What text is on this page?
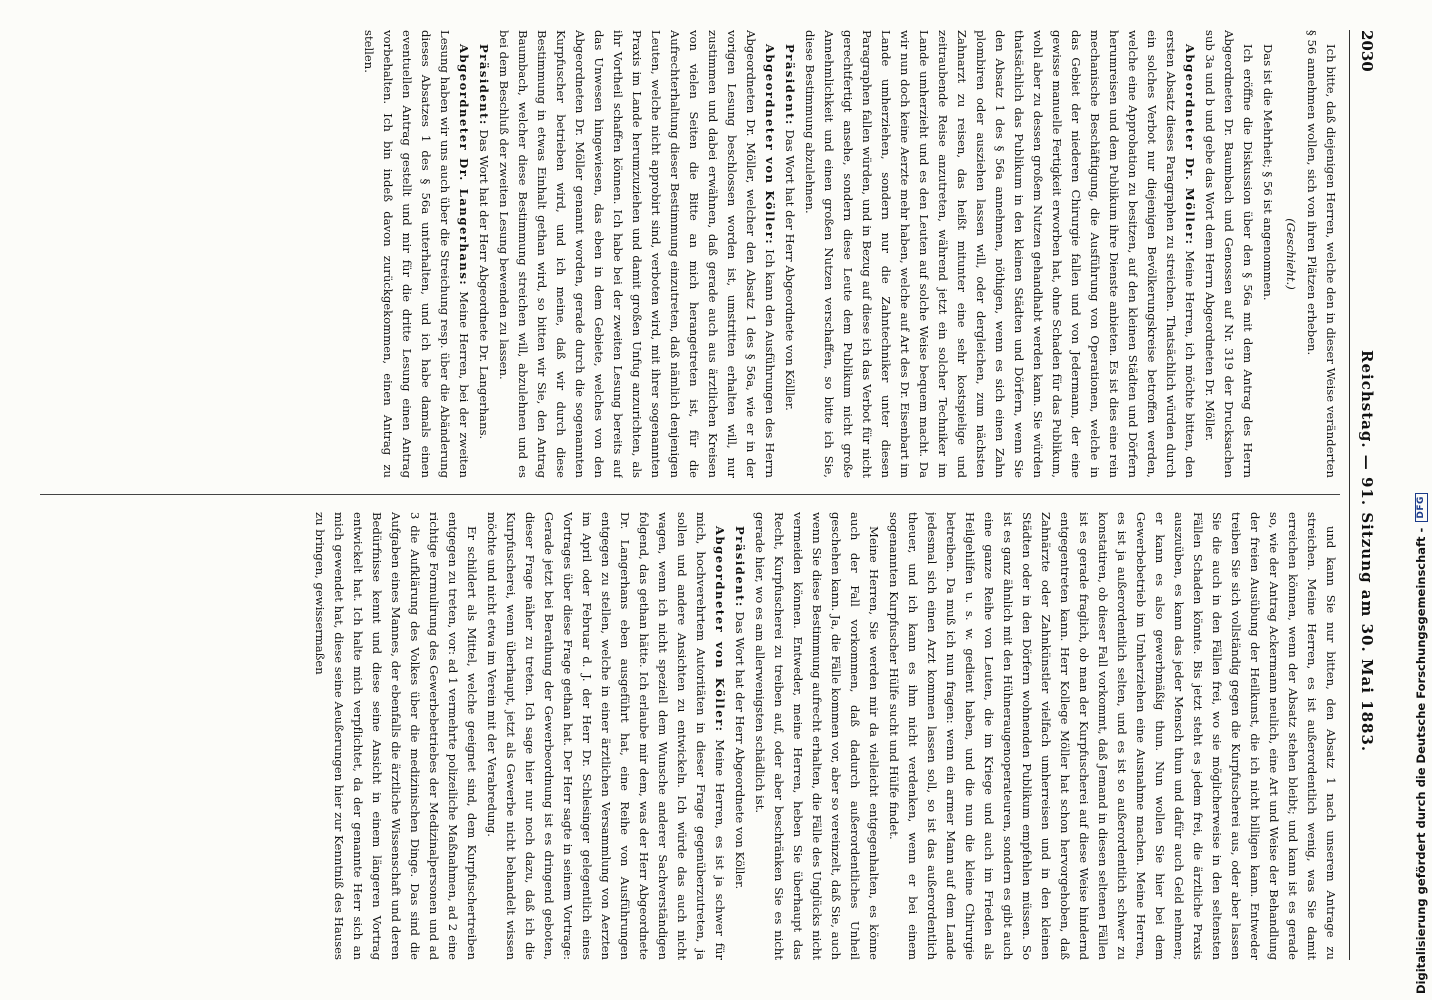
2030
Reichstag. — 91. Sitzung am 30. Mai 1883.

Ich bitte, daß diejenigen Herren, welche den in dieser Weise veränderten § 56 annehmen wollen, sich von ihren Plätzen erheben.

(Geschieht.)

Das ist die Mehrheit; § 56 ist angenommen.

Ich eröffne die Diskussion über den § 56a mit dem Antrag des Herrn Abgeordneten Dr. Baumbach und Genossen auf Nr. 319 der Drucksachen sub 3a und b und gebe das Wort dem Herrn Abgeordneten Dr. Möller.

Abgeordneter Dr. Möller: Meine Herren, ich möchte bitten, den ersten Absatz dieses Paragraphen zu streichen. Thatsächlich würden durch ein solches Verbot nur diejenigen Bevölkerungskreise betroffen werden, welche eine Approbation zu besitzen, auf den kleinen Städten und Dörfern herumreisen und dem Publikum ihre Dienste anbieten. Es ist dies eine rein mechanische Beschäftigung, die Ausführung von Operationen, welche in das Gebiet der niederen Chirurgie fallen und von Jedermann, der eine gewisse manuelle Fertigkeit erworben hat, ohne Schaden für das Publikum, wohl aber zu dessen großem Nutzen gehandhabt werden kann. Sie würden thatsächlich das Publikum in den kleinen Städten und Dörfern, wenn Sie den Absatz 1 des § 56a annehmen, nöthigen, wenn es sich einen Zahn plombiren oder ausziehen lassen will, oder dergleichen, zum nächsten Zahnarzt zu reisen, das heißt mitunter eine sehr kostspielige und zeitraubende Reise anzutreten, während jetzt ein solcher Techniker im Lande umherzieht und es den Leuten auf solche Weise bequem macht. Da wir nun doch keine Aerzte mehr haben, welche auf Art des Dr. Eisenbart im Lande umherziehen, sondern nur die Zahntechniker unter diesen Paragraphen fallen würden, und in Bezug auf diese ich das Verbot für nicht gerechtfertigt ansehe, sondern diese Leute dem Publikum nicht große Annehmlichkeit und einen großen Nutzen verschaffen, so bitte ich Sie, diese Bestimmung abzulehnen.

Präsident: Das Wort hat der Herr Abgeordnete von Kölller.

Abgeordneter von Köller: Ich kann den Ausführungen des Herrn Abgeordneten Dr. Möller, welcher den Absatz 1 des § 56a, wie er in der vorigen Lesung beschlossen worden ist, umstritten erhalten will, nur zustimmen und dabei erwähnen, daß gerade auch aus ärztlichen Kreisen von vielen Seiten die Bitte an mich herangetreten ist, für die Aufrechterhaltung dieser Bestimmung einzutreten, daß nämlich denjenigen Leuten, welche nicht approbirt sind, verboten wird, mit ihrer sogenannten Praxis im Lande herumzuziehen und damit großen Unfug anzurichten, als ihr Vortheil schaffen können. Ich habe bei der zweiten Lesung bereits auf das Unwesen hingewiesen, das eben in dem Gebiete, welches von den Abgeordneten Dr. Möller genannt worden, gerade durch die sogenannten Kurpfuscher betrieben wird, und ich meine, daß wir durch diese Bestimmung in etwas Einhalt gethan wird, so bitten wir Sie, den Antrag Baumbach, welcher diese Bestimmung streichen will, abzulehnen und es bei dem Beschluß der zweiten Lesung bewenden zu lassen.

Präsident: Das Wort hat der Herr Abgeordnete Dr. Langerhans.

Abgeordneter Dr. Langerhans: Meine Herren, bei der zweiten Lesung haben wir uns auch über die Streichung resp. über die Abänderung dieses Absatzes 1 des § 56a unterhalten, und ich habe damals einen eventuellen Antrag gestellt und mir für die dritte Lesung einen Antrag vorbehalten. Ich bin indeß davon zurückgekommen, einen Antrag zu stellen.

und kann Sie nur bitten, den Absatz 1 nach unserem Antrage zu streichen. Meine Herren, es ist außerordentlich wenig, was Sie damit erreichen können, wenn der Absatz stehen bleibt; und kann ist es gerade so, wie der Antrag Ackermann neulich, eine Art und Weise der Behandlung der freien Ausübung der Heilkunst, die ich nicht billigen kann. Entweder treiben Sie sich vollständig gegen die Kurpfuscherei aus, oder aber lassen Sie die auch in den Fällen frei, wo sie möglicherweise in den seltensten Fällen Schaden könnte. Bis jetzt steht es jedem frei, die ärztliche Praxis auszuüben, es kann das jeder Mensch thun und dafür auch Geld nehmen; er kann es also gewerbmäßig thun. Nun wollen Sie hier bei dem Gewerbebetrieb im Umherziehen eine Ausnahme machen. Meine Herren, es ist ja außerordentlich selten, und es ist so außerordentlich schwer zu konstatiren, ob dieser Fall vorkommt, daß Jemand in diesen seltenen Fällen ist es gerade fraglich, ob man der Kurpfuscherei auf diese Weise hindernd entgegentreten kann. Herr Kollege Möller hat schon hervorgehoben, daß Zahnärzte oder Zahnkünstler vielfach umherreisen und in den kleinen Städten oder in den Dörfern wohnenden Publikum empfehlen müssen. So ist es ganz ähnlich mit den Hühneraugenoperateuren, sondern es gibt auch eine ganze Reihe von Leuten, die im Kriege und auch im Frieden als Heilgehilfen u. s. w. gedient haben, und die nun die kleine Chirurgie betreiben. Da muß ich nun fragen: wenn ein armer Mann auf dem Lande jedesmal sich einen Arzt kommen lassen soll, so ist das außerordentlich theuer, und ich kann es ihm nicht verdenken, wenn er bei einem sogenannten Kurpfuscher Hülfe sucht und Hülfe findet.

Meine Herren, Sie werden mir da vielleicht entgegenhalten, es könne auch der Fall vorkommen, daß dadurch außerordentliches Unheil geschehen kann. Ja, die Fälle kommen vor, aber so vereinzelt, daß Sie, auch wenn Sie diese Bestimmung aufrecht erhalten, die Fälle des Unglücks nicht vermeiden können. Entweder, meine Herren, heben Sie überhaupt das Recht, Kurpfuscherei zu treiben auf, oder aber beschränken Sie es nicht gerade hier, wo es am allerwenigsten schädlich ist.

Präsident: Das Wort hat der Herr Abgeordnete von Köller.

Abgeordneter von Köller: Meine Herren, es ist ja schwer für mich, hochverehrtem Autoritäten in dieser Frage gegenüberzutreten, ja sollen und andere Ansichten zu entwickeln. Ich würde das auch nicht wagen, wenn ich nicht speziell dem Wunsche anderer Sachverständigen folgend, das gethan hätte. Ich erlaube mir dem, was der Herr Abgeordnete Dr. Langerhans eben ausgeführt hat, eine Reihe von Ausführungen entgegen zu stellen, welche in einer ärztlichen Versammlung von Aerzten im April oder Februar d. J. der Herr Dr. Schlesinger gelegentlich eines Vortrages über diese Frage gethan hat. Der Herr sagte in seinem Vortrage: Gerade jetzt bei Berathung der Gewerbeordnung ist es dringend geboten, dieser Frage näher zu treten. Ich sage hier nur noch dazu, daß ich die Kurpfuscherei, wenn überhaupt, jetzt als Gewerbe nicht behandelt wissen möchte und nicht etwa im Verein mit der Verabredung.

Er schildert als Mittel, welche geeignet sind, dem Kurpfuschertreiben entgegen zu treten, vor: ad 1 vermehrte polizeiliche Maßnahmen, ad 2 eine richtige Formulirung des Gewerbebetriebes der Medizinalpersonen und ad 3 die Aufklärung des Volkes über die medizinischen Dinge. Das sind die Aufgaben eines Mannes, der ebenfalls die ärztliche Wissenschaft und deren Bedürfnisse kennt und diese seine Ansicht in einem längeren Vortrag entwickelt hat. Ich halte mich verpflichtet, da der genannte Herr sich an mich gewendet hat, diese seine Aeußerungen hier zur Kenntniß des Hauses zu bringen, gewissermaßen	Digitalisierung gefördert durch die Deutsche Forschungsgemeinschaft -
DFG
